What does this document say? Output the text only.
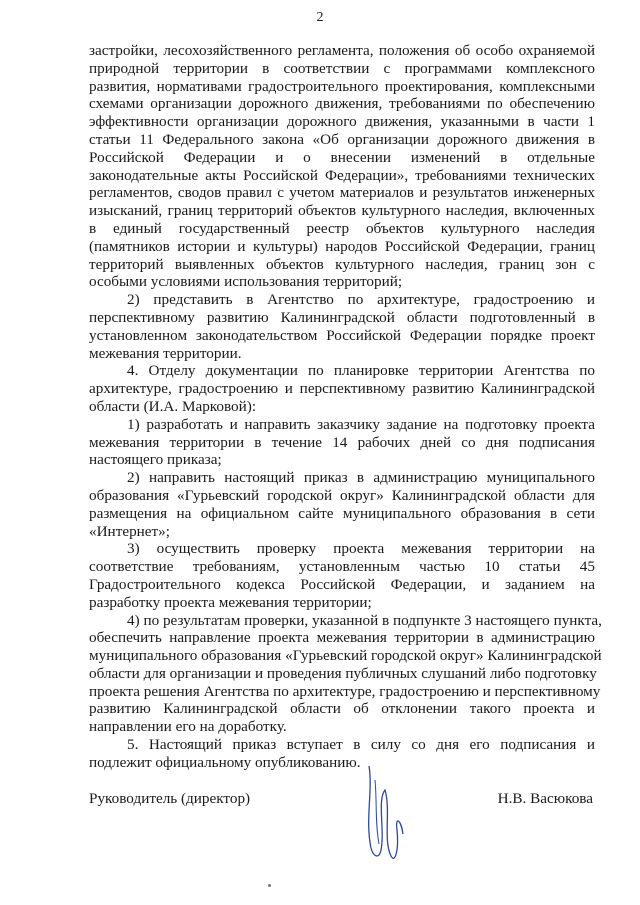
2
застройки, лесохозяйственного регламента, положения об особо охраняемой
природной территории в соответствии с программами комплексного
развития, нормативами градостроительного проектирования, комплексными
схемами организации дорожного движения, требованиями по обеспечению
эффективности организации дорожного движения, указанными в части 1
статьи 11 Федерального закона «Об организации дорожного движения в
Российской Федерации и о внесении изменений в отдельные
законодательные акты Российской Федерации», требованиями технических
регламентов, сводов правил с учетом материалов и результатов инженерных
изысканий, границ территорий объектов культурного наследия, включенных
в единый государственный реестр объектов культурного наследия
(памятников истории и культуры) народов Российской Федерации, границ
территорий выявленных объектов культурного наследия, границ зон с
особыми условиями использования территорий;
2) представить в Агентство по архитектуре, градостроению и
перспективному развитию Калининградской области подготовленный в
установленном законодательством Российской Федерации порядке проект
межевания территории.
4. Отделу документации по планировке территории Агентства по
архитектуре, градостроению и перспективному развитию Калининградской
области (И.А. Марковой):
1) разработать и направить заказчику задание на подготовку проекта
межевания территории в течение 14 рабочих дней со дня подписания
настоящего приказа;
2) направить настоящий приказ в администрацию муниципального
образования «Гурьевский городской округ» Калининградской области для
размещения на официальном сайте муниципального образования в сети
«Интернет»;
3) осуществить проверку проекта межевания территории на
соответствие требованиям, установленным частью 10 статьи 45
Градостроительного кодекса Российской Федерации, и заданием на
разработку проекта межевания территории;
4) по результатам проверки, указанной в подпункте 3 настоящего пункта,
обеспечить направление проекта межевания территории в администрацию
муниципального образования «Гурьевский городской округ» Калининградской
области для организации и проведения публичных слушаний либо подготовку
проекта решения Агентства по архитектуре, градостроению и перспективному
развитию Калининградской области об отклонении такого проекта и
направлении его на доработку.
5. Настоящий приказ вступает в силу со дня его подписания и
подлежит официальному опубликованию.
Руководитель (директор)	Н.В. Васюкова
